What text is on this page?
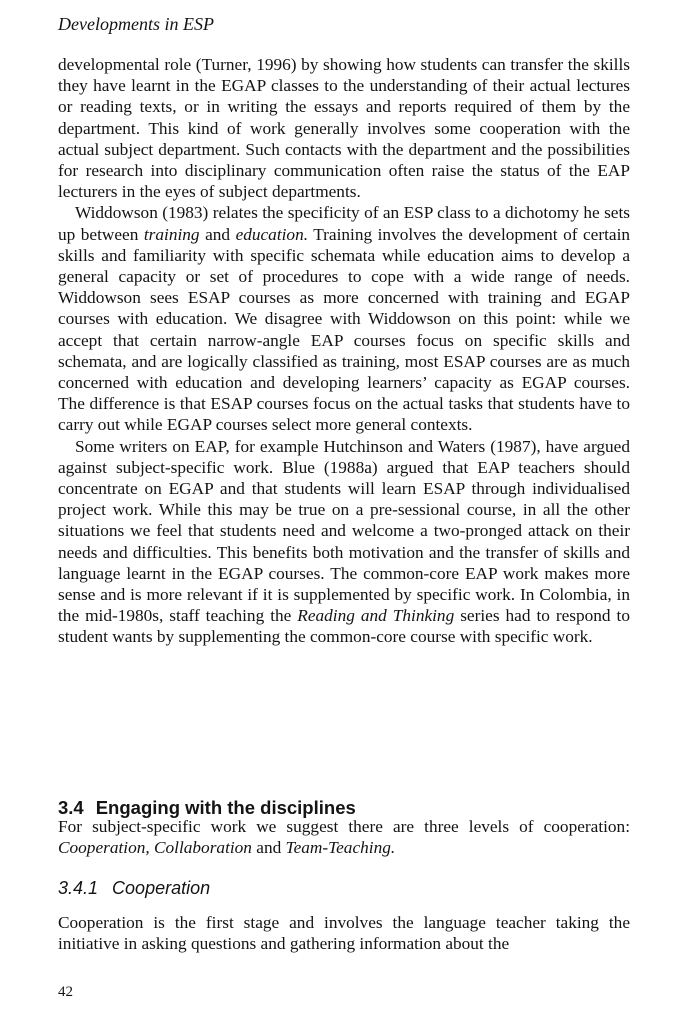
Developments in ESP

developmental role (Turner, 1996) by showing how students can transfer the skills they have learnt in the EGAP classes to the understanding of their actual lectures or reading texts, or in writing the essays and reports required of them by the department. This kind of work generally involves some cooperation with the actual subject department. Such contacts with the department and the possibilities for research into disciplinary communication often raise the status of the EAP lecturers in the eyes of subject departments.

Widdowson (1983) relates the specificity of an ESP class to a dichotomy he sets up between training and education. Training involves the development of certain skills and familiarity with specific schemata while education aims to develop a general capacity or set of procedures to cope with a wide range of needs. Widdowson sees ESAP courses as more concerned with training and EGAP courses with education. We disagree with Widdowson on this point: while we accept that certain narrow-angle EAP courses focus on specific skills and schemata, and are logically classified as training, most ESAP courses are as much concerned with education and developing learners’ capacity as EGAP courses. The difference is that ESAP courses focus on the actual tasks that students have to carry out while EGAP courses select more general contexts.

Some writers on EAP, for example Hutchinson and Waters (1987), have argued against subject-specific work. Blue (1988a) argued that EAP teachers should concentrate on EGAP and that students will learn ESAP through individualised project work. While this may be true on a pre-sessional course, in all the other situations we feel that students need and welcome a two-pronged attack on their needs and difficulties. This benefits both motivation and the transfer of skills and language learnt in the EGAP courses. The common-core EAP work makes more sense and is more relevant if it is supplemented by specific work. In Colombia, in the mid-1980s, staff teaching the Reading and Thinking series had to respond to student wants by supplementing the common-core course with specific work.

3.4 Engaging with the disciplines

For subject-specific work we suggest there are three levels of cooperation: Cooperation, Collaboration and Team-Teaching.

3.4.1 Cooperation

Cooperation is the first stage and involves the language teacher taking the initiative in asking questions and gathering information about the

42
